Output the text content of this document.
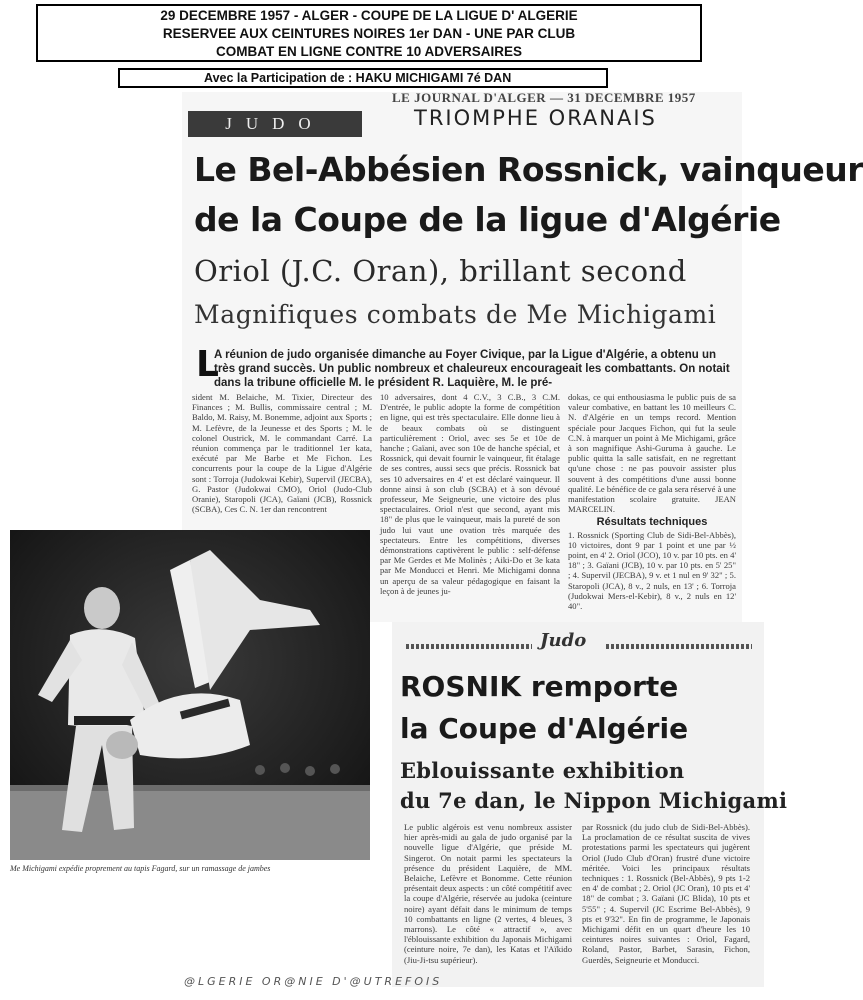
29 DECEMBRE 1957 - ALGER - COUPE DE LA LIGUE D' ALGERIE
RESERVEE AUX CEINTURES NOIRES 1er DAN - UNE PAR CLUB
COMBAT EN LIGNE CONTRE 10 ADVERSAIRES
Avec la Participation de : HAKU MICHIGAMI 7é DAN
LE JOURNAL D'ALGER — 31 DECEMBRE 1957
JUDO	TRIOMPHE ORANAIS
Le Bel-Abbésien Rossnick, vainqueur
de la Coupe de la ligue d'Algérie
Oriol (J.C. Oran), brillant second
Magnifiques combats de Me Michigami
L
A réunion de judo organisée dimanche au Foyer Civique, par la Ligue d'Algérie, a obtenu un très grand succès. Un public nombreux et chaleureux encourageait les combattants. On notait dans la tribune officielle M. le président R. Laquière, M. le pré-
sident M. Belaiche, M. Tixier, Directeur des Finances ; M. Bullis, commissaire central ; M. Baldo, M. Raisy, M. Bonemme, adjoint aux Sports ; M. Lefèvre, de la Jeunesse et des Sports ; M. le colonel Oustrick, M. le commandant Carré. La réunion commença par le traditionnel 1er kata, exécuté par Me Barbe et Me Fichon. Les concurrents pour la coupe de la Ligue d'Algérie sont : Torroja (Judokwai Kebir), Supervil (JECBA), G. Pastor (Judokwai CMO), Oriol (Judo-Club Oranie), Staropoli (JCA), Gaïani (JCB), Rossnick (SCBA), Ces C. N. 1er dan rencontrent
10 adversaires, dont 4 C.V., 3 C.B., 3 C.M. D'entrée, le public adopte la forme de compétition en ligne, qui est très spectaculaire. Elle donne lieu à de beaux combats où se distinguent particulièrement : Oriol, avec ses 5e et 10e de hanche ; Gaïani, avec son 10e de hanche spécial, et Rossnick, qui devait fournir le vainqueur, fit étalage de ses contres, aussi secs que précis. Rossnick bat ses 10 adversaires en 4' et est déclaré vainqueur. Il donne ainsi à son club (SCBA) et à son dévoué professeur, Me Seigneurie, une victoire des plus spectaculaires. Oriol n'est que second, ayant mis 18" de plus que le vainqueur, mais la pureté de son judo lui vaut une ovation très marquée des spectateurs. Entre les compétitions, diverses démonstrations captivèrent le public : self-défense par Me Gerdes et Me Molinès ; Aiki-Do et 3e kata par Me Monducci et Henri. Me Michigami donna un aperçu de sa valeur pédagogique en faisant la leçon à de jeunes ju-

dokas, ce qui enthousiasma le public puis de sa valeur combative, en battant les 10 meilleurs C. N. d'Algérie en un temps record. Mention spéciale pour Jacques Fichon, qui fut la seule C.N. à marquer un point à Me Michigami, grâce à son magnifique Ashi-Guruma à gauche. Le public quitta la salle satisfait, en ne regrettant qu'une chose : ne pas pouvoir assister plus souvent à des compétitions d'une aussi bonne qualité. Le bénéfice de ce gala sera réservé à une manifestation scolaire gratuite. JEAN MARCELIN.

Résultats techniques

1. Rossnick (Sporting Club de Sidi-Bel-Abbès), 10 victoires, dont 9 par 1 point et une par ½ point, en 4' 2. Oriol (JCO), 10 v. par 10 pts. en 4' 18" ; 3. Gaïani (JCB), 10 v. par 10 pts. en 5' 25" ; 4. Supervil (JECBA), 9 v. et 1 nul en 9' 32" ; 5. Staropoli (JCA), 8 v., 2 nuls, en 13' ; 6. Torroja (Judokwai Mers-el-Kebir), 8 v., 2 nuls en 12' 40".

Me Michigami expédie proprement au tapis Fagard, sur un ramassage de jambes
Judo
ROSNIK remporte
la Coupe d'Algérie
Eblouissante exhibition
du 7e dan, le Nippon Michigami
Le public algérois est venu nombreux assister hier après-midi au gala de judo organisé par la nouvelle ligue d'Algérie, que préside M. Singerot. On notait parmi les spectateurs la présence du président Laquière, de MM. Belaiche, Lefèvre et Bonomme. Cette réunion présentait deux aspects : un côté compétitif avec la coupe d'Algérie, réservée au judoka (ceinture noire) ayant défait dans le minimum de temps 10 combattants en ligne (2 vertes, 4 bleues, 3 marrons). Le côté « attractif », avec l'éblouissante exhibition du Japonais Michigami (ceinture noire, 7e dan), les Katas et l'Aïkido (Jiu-Ji-tsu supérieur).
par Rossnick (du judo club de Sidi-Bel-Abbès). La proclamation de ce résultat suscita de vives protestations parmi les spectateurs qui jugèrent Oriol (Judo Club d'Oran) frustré d'une victoire méritée. Voici les principaux résultats techniques : 1. Rossnick (Bel-Abbès), 9 pts 1-2 en 4' de combat ; 2. Oriol (JC Oran), 10 pts et 4' 18" de combat ; 3. Gaïani (JC Blida), 10 pts et 5'55" ; 4. Supervil (JC Escrime Bel-Abbès), 9 pts et 9'32". En fin de programme, le Japonais Michigami défit en un quart d'heure les 10 ceintures noires suivantes : Oriol, Fagard, Roland, Pastor, Barbet, Sarasin, Fichon, Guerdès, Seigneurie et Monducci.
@LGERIE OR@NIE D'@UTREFOIS
